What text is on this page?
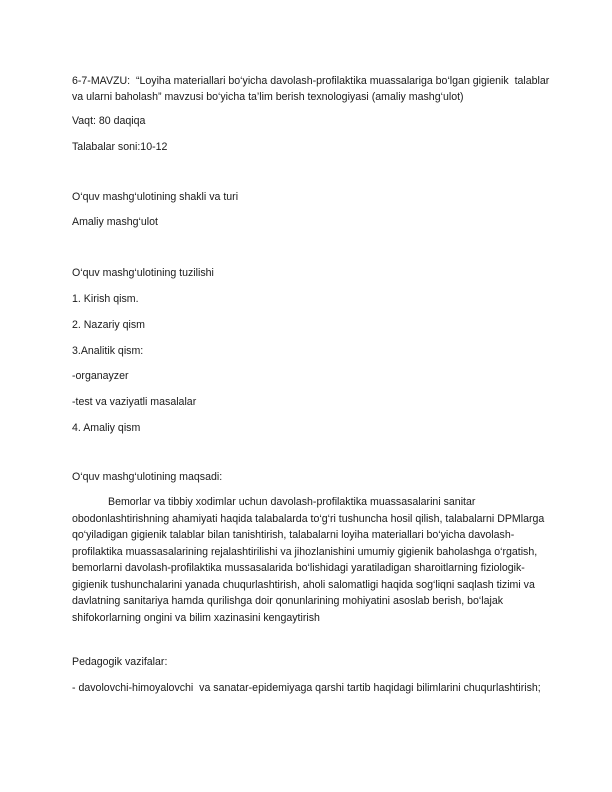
6-7-MAVZU:  “Loyiha materiallari bo‘yicha davolash-profilaktika muassalariga bo‘lgan gigienik  talablar
va ularni baholash” mavzusi bo‘yicha ta’lim berish texnologiyasi (amaliy mashg‘ulot)
Vaqt: 80 daqiqa
Talabalar soni:10-12
O‘quv mashg‘ulotining shakli va turi
Amaliy mashg‘ulot
O‘quv mashg‘ulotining tuzilishi
1. Kirish qism.
2. Nazariy qism
3.Analitik qism:
-organayzer
-test va vaziyatli masalalar
4. Amaliy qism
O‘quv mashg‘ulotining maqsadi:
Bemorlar va tibbiy xodimlar uchun davolash-profilaktika muassasalarini sanitar
obodonlashtirishning ahamiyati haqida talabalarda to‘g‘ri tushuncha hosil qilish, talabalarni DPMlarga
qo‘yiladigan gigienik talablar bilan tanishtirish, talabalarni loyiha materiallari bo‘yicha davolash-
profilaktika muassasalarining rejalashtirilishi va jihozlanishini umumiy gigienik baholashga o‘rgatish,
bemorlarni davolash-profilaktika mussasalarida bo‘lishidagi yaratiladigan sharoitlarning fiziologik-
gigienik tushunchalarini yanada chuqurlashtirish, aholi salomatligi haqida sog‘liqni saqlash tizimi va
davlatning sanitariya hamda qurilishga doir qonunlarining mohiyatini asoslab berish, bo‘lajak
shifokorlarning ongini va bilim xazinasini kengaytirish
Pedagogik vazifalar:
- davolovchi-himoyalovchi  va sanatar-epidemiyaga qarshi tartib haqidagi bilimlarini chuqurlashtirish;
